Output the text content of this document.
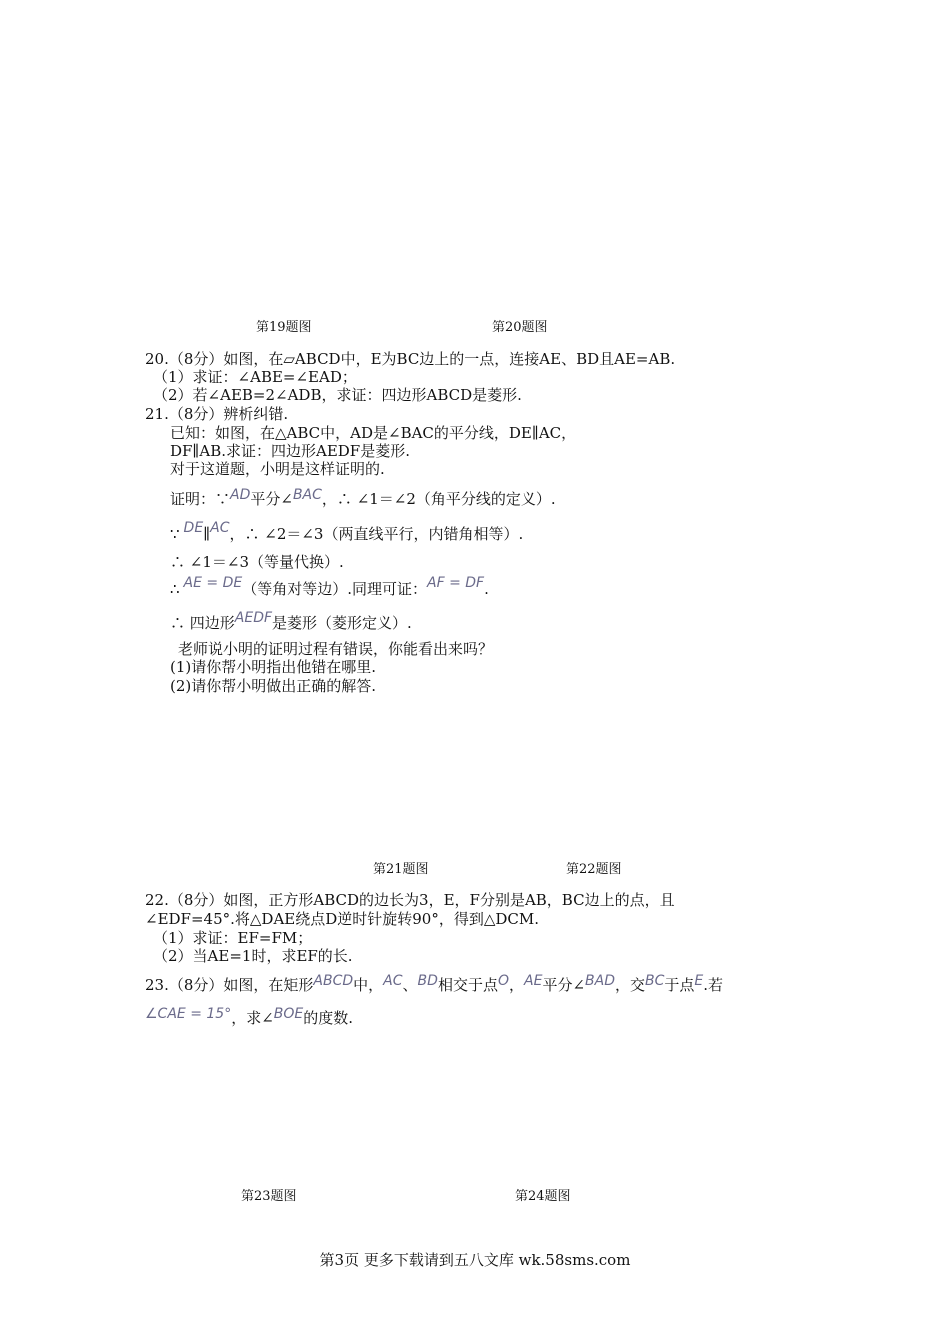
第19题图	第20题图
20.（8分）如图，在▱ABCD中，E为BC边上的一点，连接AE、BD且AE=AB.
（1）求证：∠ABE=∠EAD；
（2）若∠AEB=2∠ADB，求证：四边形ABCD是菱形.
21.（8分）辨析纠错.
已知：如图，在△ABC中，AD是∠BAC的平分线，DE∥AC，
DF∥AB.求证：四边形AEDF是菱形.
对于这道题，小明是这样证明的.
证明：∵AD平分∠BAC，∴ ∠1＝∠2（角平分线的定义）.
∵ DE∥AC，∴ ∠2＝∠3（两直线平行，内错角相等）.
∴ ∠1＝∠3（等量代换）.
∴ AE = DE（等角对等边）.同理可证：AF = DF.
∴ 四边形AEDF是菱形（菱形定义）.
老师说小明的证明过程有错误，你能看出来吗？
(1)请你帮小明指出他错在哪里.
(2)请你帮小明做出正确的解答.
第21题图	第22题图
22.（8分）如图，正方形ABCD的边长为3，E，F分别是AB，BC边上的点，且
∠EDF=45°.将△DAE绕点D逆时针旋转90°，得到△DCM.
（1）求证：EF=FM；
（2）当AE=1时，求EF的长.
23.（8分）如图，在矩形ABCD中，AC、BD相交于点O，AE平分∠BAD，交BC于点E.若
∠CAE = 15°，求∠BOE的度数.
第23题图	第24题图
第3页 更多下载请到五八文库 wk.58sms.com
